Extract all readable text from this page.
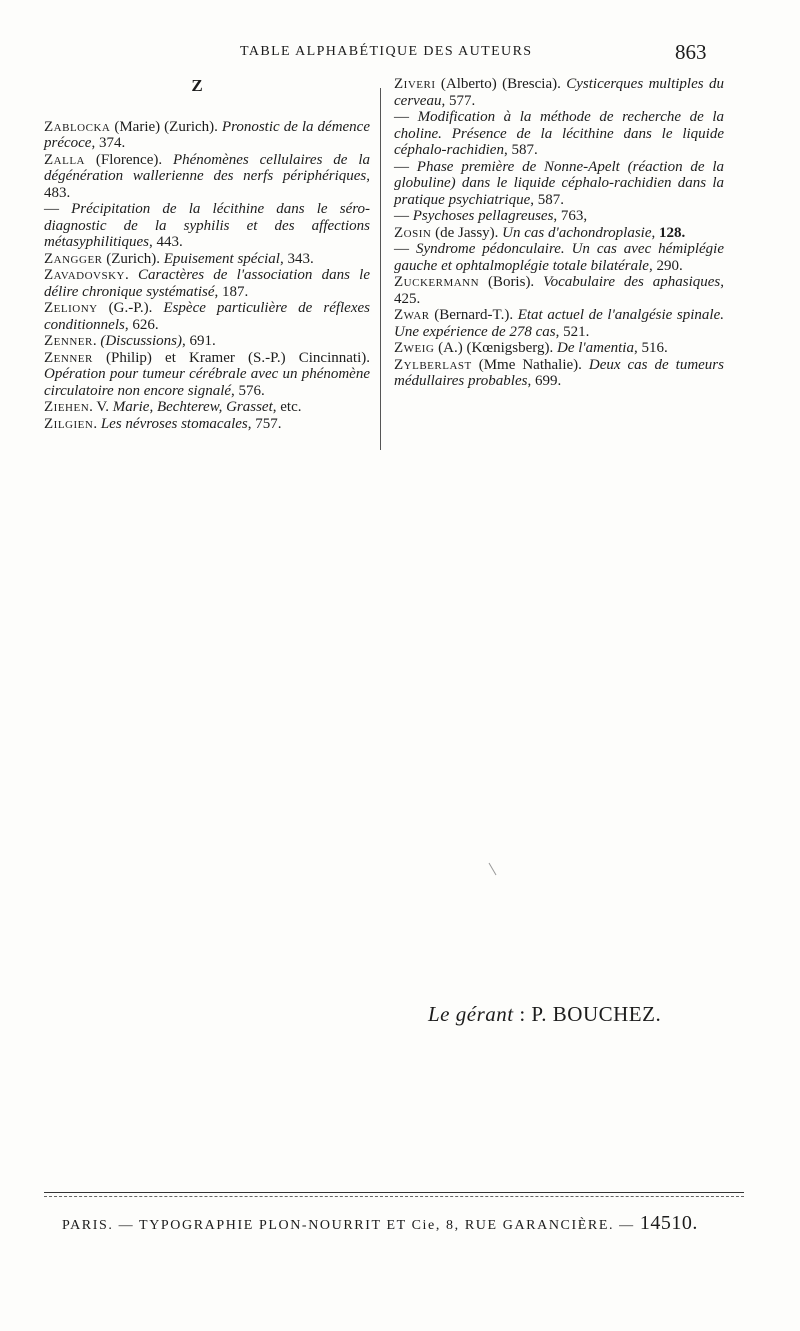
TABLE ALPHABÉTIQUE DES AUTEURS	863
Z

Zablocka (Marie) (Zurich). Pronostic de la démence précoce, 374.

Zalla (Florence). Phénomènes cellulaires de la dégénération wallerienne des nerfs périphériques, 483.

— Précipitation de la lécithine dans le séro-diagnostic de la syphilis et des affections métasyphilitiques, 443.

Zangger (Zurich). Epuisement spécial, 343.

Zavadovsky. Caractères de l'association dans le délire chronique systématisé, 187.

Zeliony (G.-P.). Espèce particulière de réflexes conditionnels, 626.

Zenner. (Discussions), 691.

Zenner (Philip) et Kramer (S.-P.) Cincinnati). Opération pour tumeur cérébrale avec un phénomène circulatoire non encore signalé, 576.

Ziehen. V. Marie, Bechterew, Grasset, etc.

Zilgien. Les névroses stomacales, 757.

Ziveri (Alberto) (Brescia). Cysticerques multiples du cerveau, 577.

— Modification à la méthode de recherche de la choline. Présence de la lécithine dans le liquide céphalo-rachidien, 587.

— Phase première de Nonne-Apelt (réaction de la globuline) dans le liquide céphalo-rachidien dans la pratique psychiatrique, 587.

— Psychoses pellagreuses, 763,

Zosin (de Jassy). Un cas d'achondroplasie, 128.

— Syndrome pédonculaire. Un cas avec hémiplégie gauche et ophtalmoplégie totale bilatérale, 290.

Zuckermann (Boris). Vocabulaire des aphasiques, 425.

Zwar (Bernard-T.). Etat actuel de l'analgésie spinale. Une expérience de 278 cas, 521.

Zweig (A.) (Kœnigsberg). De l'amentia, 516.

Zylberlast (Mme Nathalie). Deux cas de tumeurs médullaires probables, 699.

Le gérant : P. BOUCHEZ.
PARIS. — TYPOGRAPHIE PLON-NOURRIT ET Cie, 8, RUE GARANCIÈRE. — 14510.
